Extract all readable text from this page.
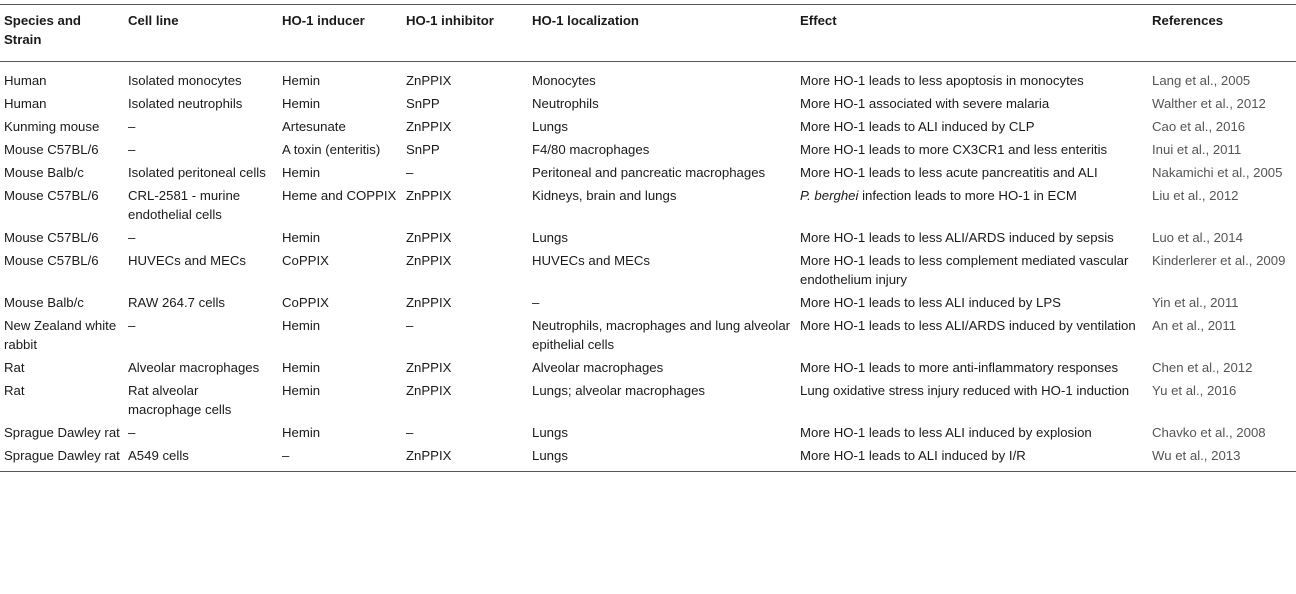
Species and Strain	Cell line	HO-1 inducer	HO-1 inhibitor	HO-1 localization	Effect	References
Human	Isolated monocytes	Hemin	ZnPPIX	Monocytes	More HO-1 leads to less apoptosis in monocytes	Lang et al., 2005
Human	Isolated neutrophils	Hemin	SnPP	Neutrophils	More HO-1 associated with severe malaria	Walther et al., 2012
Kunming mouse	–	Artesunate	ZnPPIX	Lungs	More HO-1 leads to ALI induced by CLP	Cao et al., 2016
Mouse C57BL/6	–	A toxin (enteritis)	SnPP	F4/80 macrophages	More HO-1 leads to more CX3CR1 and less enteritis	Inui et al., 2011
Mouse Balb/c	Isolated peritoneal cells	Hemin	–	Peritoneal and pancreatic macrophages	More HO-1 leads to less acute pancreatitis and ALI	Nakamichi et al., 2005
Mouse C57BL/6	CRL-2581 - murine endothelial cells	Heme and COPPIX	ZnPPIX	Kidneys, brain and lungs	P. berghei infection leads to more HO-1 in ECM	Liu et al., 2012
Mouse C57BL/6	–	Hemin	ZnPPIX	Lungs	More HO-1 leads to less ALI/ARDS induced by sepsis	Luo et al., 2014
Mouse C57BL/6	HUVECs and MECs	CoPPIX	ZnPPIX	HUVECs and MECs	More HO-1 leads to less complement mediated vascular endothelium injury	Kinderlerer et al., 2009
Mouse Balb/c	RAW 264.7 cells	CoPPIX	ZnPPIX	–	More HO-1 leads to less ALI induced by LPS	Yin et al., 2011
New Zealand white rabbit	–	Hemin	–	Neutrophils, macrophages and lung alveolar epithelial cells	More HO-1 leads to less ALI/ARDS induced by ventilation	An et al., 2011
Rat	Alveolar macrophages	Hemin	ZnPPIX	Alveolar macrophages	More HO-1 leads to more anti-inflammatory responses	Chen et al., 2012
Rat	Rat alveolar macrophage cells	Hemin	ZnPPIX	Lungs; alveolar macrophages	Lung oxidative stress injury reduced with HO-1 induction	Yu et al., 2016
Sprague Dawley rat	–	Hemin	–	Lungs	More HO-1 leads to less ALI induced by explosion	Chavko et al., 2008
Sprague Dawley rat	A549 cells	–	ZnPPIX	Lungs	More HO-1 leads to ALI induced by I/R	Wu et al., 2013
